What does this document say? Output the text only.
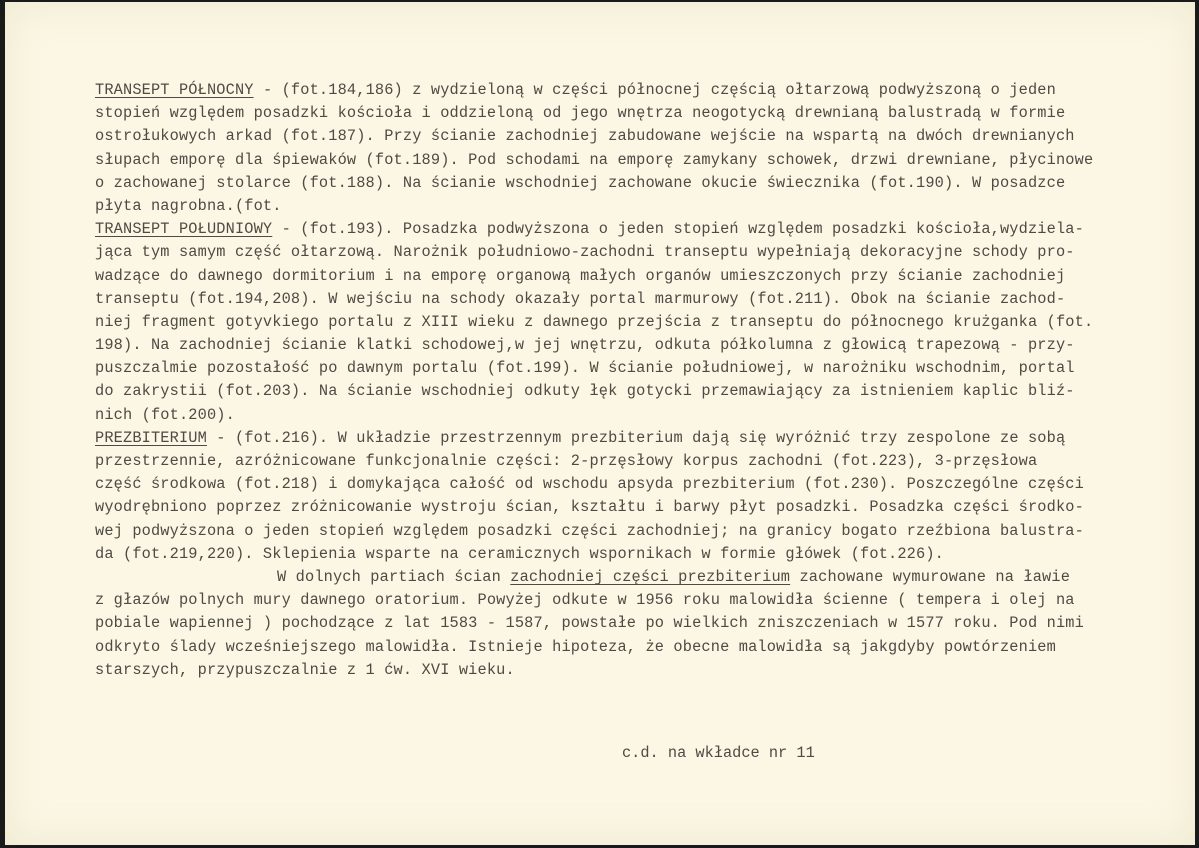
TRANSEPT PÓŁNOCNY - (fot.184,186) z wydzieloną w części północnej częścią ołtarzową podwyższoną o jeden
stopień względem posadzki kościoła i oddzieloną od jego wnętrza neogotycką drewnianą balustradą w formie
ostrołukowych arkad (fot.187). Przy ścianie zachodniej zabudowane wejście na wspartą na dwóch drewnianych
słupach emporę dla śpiewaków (fot.189). Pod schodami na emporę zamykany schowek, drzwi drewniane, płycinowe
o zachowanej stolarce (fot.188). Na ścianie wschodniej zachowane okucie świecznika (fot.190). W posadzce
płyta nagrobna.(fot.
TRANSEPT POŁUDNIOWY - (fot.193). Posadzka podwyższona o jeden stopień względem posadzki kościoła,wydziela-
jąca tym samym część ołtarzową. Narożnik południowo-zachodni transeptu wypełniają dekoracyjne schody pro-
wadzące do dawnego dormitorium i na emporę organową małych organów umieszczonych przy ścianie zachodniej
transeptu (fot.194,208). W wejściu na schody okazały portal marmurowy (fot.211). Obok na ścianie zachod-
niej fragment gotyvkiego portalu z XIII wieku z dawnego przejścia z transeptu do północnego krużganka (fot.
198). Na zachodniej ścianie klatki schodowej,w jej wnętrzu, odkuta półkolumna z głowicą trapezową - przy-
puszczalmie pozostałość po dawnym portalu (fot.199). W ścianie południowej, w narożniku wschodnim, portal
do zakrystii (fot.203). Na ścianie wschodniej odkuty łęk gotycki przemawiający za istnieniem kaplic bliź-
nich (fot.200).
PREZBITERIUM - (fot.216). W układzie przestrzennym prezbiterium dają się wyróżnić trzy zespolone ze sobą
przestrzennie, azróżnicowane funkcjonalnie części: 2-przęsłowy korpus zachodni (fot.223), 3-przęsłowa
część środkowa (fot.218) i domykająca całość od wschodu apsyda prezbiterium (fot.230). Poszczególne części
wyodrębniono poprzez zróżnicowanie wystroju ścian, kształtu i barwy płyt posadzki. Posadzka części środko-
wej podwyższona o jeden stopień względem posadzki części zachodniej; na granicy bogato rzeźbiona balustra-
da (fot.219,220). Sklepienia wsparte na ceramicznych wspornikach w formie główek (fot.226).
W dolnych partiach ścian zachodniej części prezbiterium zachowane wymurowane na ławie
z głazów polnych mury dawnego oratorium. Powyżej odkute w 1956 roku malowidła ścienne ( tempera i olej na
pobiale wapiennej ) pochodzące z lat 1583 - 1587, powstałe po wielkich zniszczeniach w 1577 roku. Pod nimi
odkryto ślady wcześniejszego malowidła. Istnieje hipoteza, że obecne malowidła są jakgdyby powtórzeniem
starszych, przypuszczalnie z 1 ćw. XVI wieku.
c.d. na wkładce nr 11
